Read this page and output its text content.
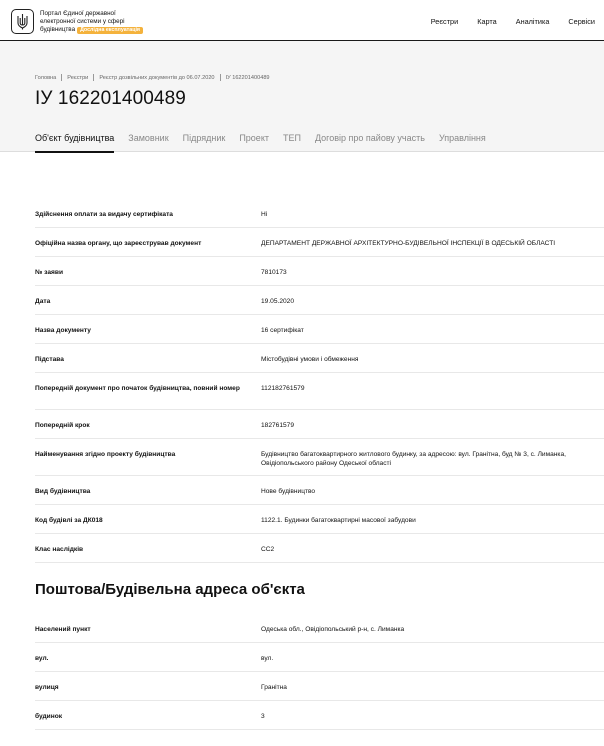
Портал Єдиної державної
електронної системи у сфері
будівництва Дослідна експлуатація
Реєстри	Карта	Аналітика	Сервіси
Головна Реєстри Реєстр дозвільних документів до 06.07.2020 ІУ 162201400489
ІУ 162201400489
Об'єкт будівництва Замовник Підрядник Проект ТЕП Договір про пайову участь Управління
Здійснення оплати за видачу сертифіката	Ні
Офіційна назва органу, що зареєстрував документ	ДЕПАРТАМЕНТ ДЕРЖАВНОЇ АРХІТЕКТУРНО-БУДІВЕЛЬНОЇ ІНСПЕКЦІЇ В ОДЕСЬКІЙ ОБЛАСТІ
№ заяви	7810173
Дата	19.05.2020
Назва документу	16 сертифікат
Підстава	Містобудівні умови і обмеження
Попередній документ про початок будівництва, повний номер	112182761579
Попередній крок	182761579
Найменування згідно проекту будівництва	Будівництво багатоквартирного житлового будинку, за адресою: вул. Гранітна, буд № 3, с. Лиманка, Овідіопольського району Одеської області
Вид будівництва	Нове будівництво
Код будівлі за ДК018	1122.1. Будинки багатоквартирні масової забудови
Клас наслідків	СС2
Поштова/Будівельна адреса об'єкта
Населений пункт	Одеська обл., Овідіопольський р-н, с. Лиманка
вул.	вул.
вулиця	Гранітна
будинок	3
